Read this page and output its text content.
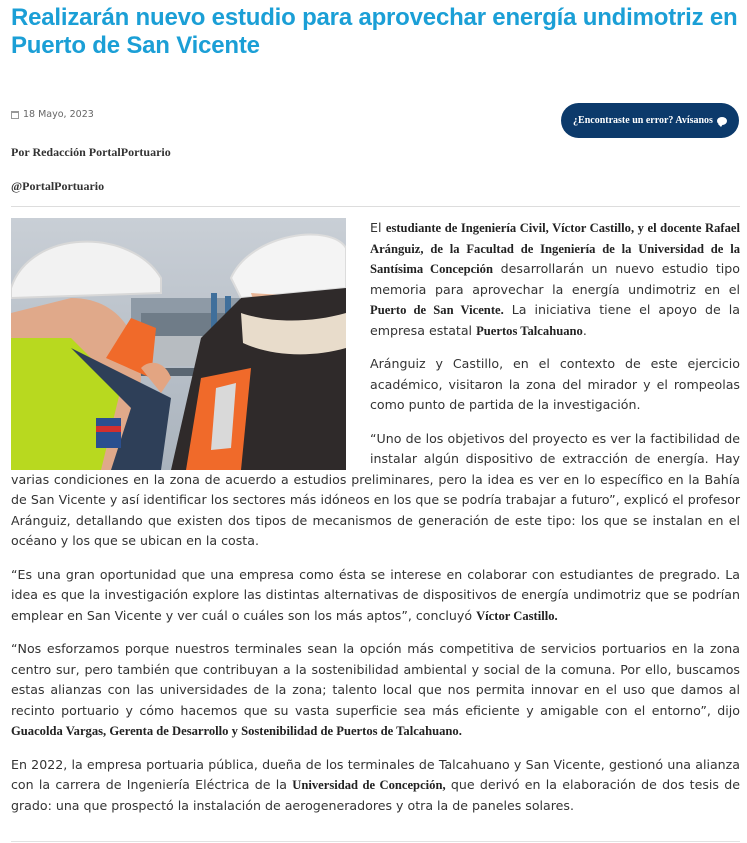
Realizarán nuevo estudio para aprovechar energía undimotriz en Puerto de San Vicente
18 Mayo, 2023
¿Encontraste un error? Avísanos
Por Redacción PortalPortuario
@PortalPortuario

El estudiante de Ingeniería Civil, Víctor Castillo, y el docente Rafael Aránguiz, de la Facultad de Ingeniería de la Universidad de la Santísima Concepción desarrollarán un nuevo estudio tipo memoria para aprovechar la energía undimotriz en el Puerto de San Vicente. La iniciativa tiene el apoyo de la empresa estatal Puertos Talcahuano.

Aránguiz y Castillo, en el contexto de este ejercicio académico, visitaron la zona del mirador y el rompeolas como punto de partida de la investigación.

“Uno de los objetivos del proyecto es ver la factibilidad de instalar algún dispositivo de extracción de energía. Hay varias condiciones en la zona de acuerdo a estudios preliminares, pero la idea es ver en lo específico en la Bahía de San Vicente y así identificar los sectores más idóneos en los que se podría trabajar a futuro”, explicó el profesor Aránguiz, detallando que existen dos tipos de mecanismos de generación de este tipo: los que se instalan en el océano y los que se ubican en la costa.

“Es una gran oportunidad que una empresa como ésta se interese en colaborar con estudiantes de pregrado. La idea es que la investigación explore las distintas alternativas de dispositivos de energía undimotriz que se podrían emplear en San Vicente y ver cuál o cuáles son los más aptos”, concluyó Víctor Castillo.

“Nos esforzamos porque nuestros terminales sean la opción más competitiva de servicios portuarios en la zona centro sur, pero también que contribuyan a la sostenibilidad ambiental y social de la comuna. Por ello, buscamos estas alianzas con las universidades de la zona; talento local que nos permita innovar en el uso que damos al recinto portuario y cómo hacemos que su vasta superficie sea más eficiente y amigable con el entorno”, dijo Guacolda Vargas, Gerenta de Desarrollo y Sostenibilidad de Puertos de Talcahuano.

En 2022, la empresa portuaria pública, dueña de los terminales de Talcahuano y San Vicente, gestionó una alianza con la carrera de Ingeniería Eléctrica de la Universidad de Concepción, que derivó en la elaboración de dos tesis de grado: una que prospectó la instalación de aerogeneradores y otra la de paneles solares.
